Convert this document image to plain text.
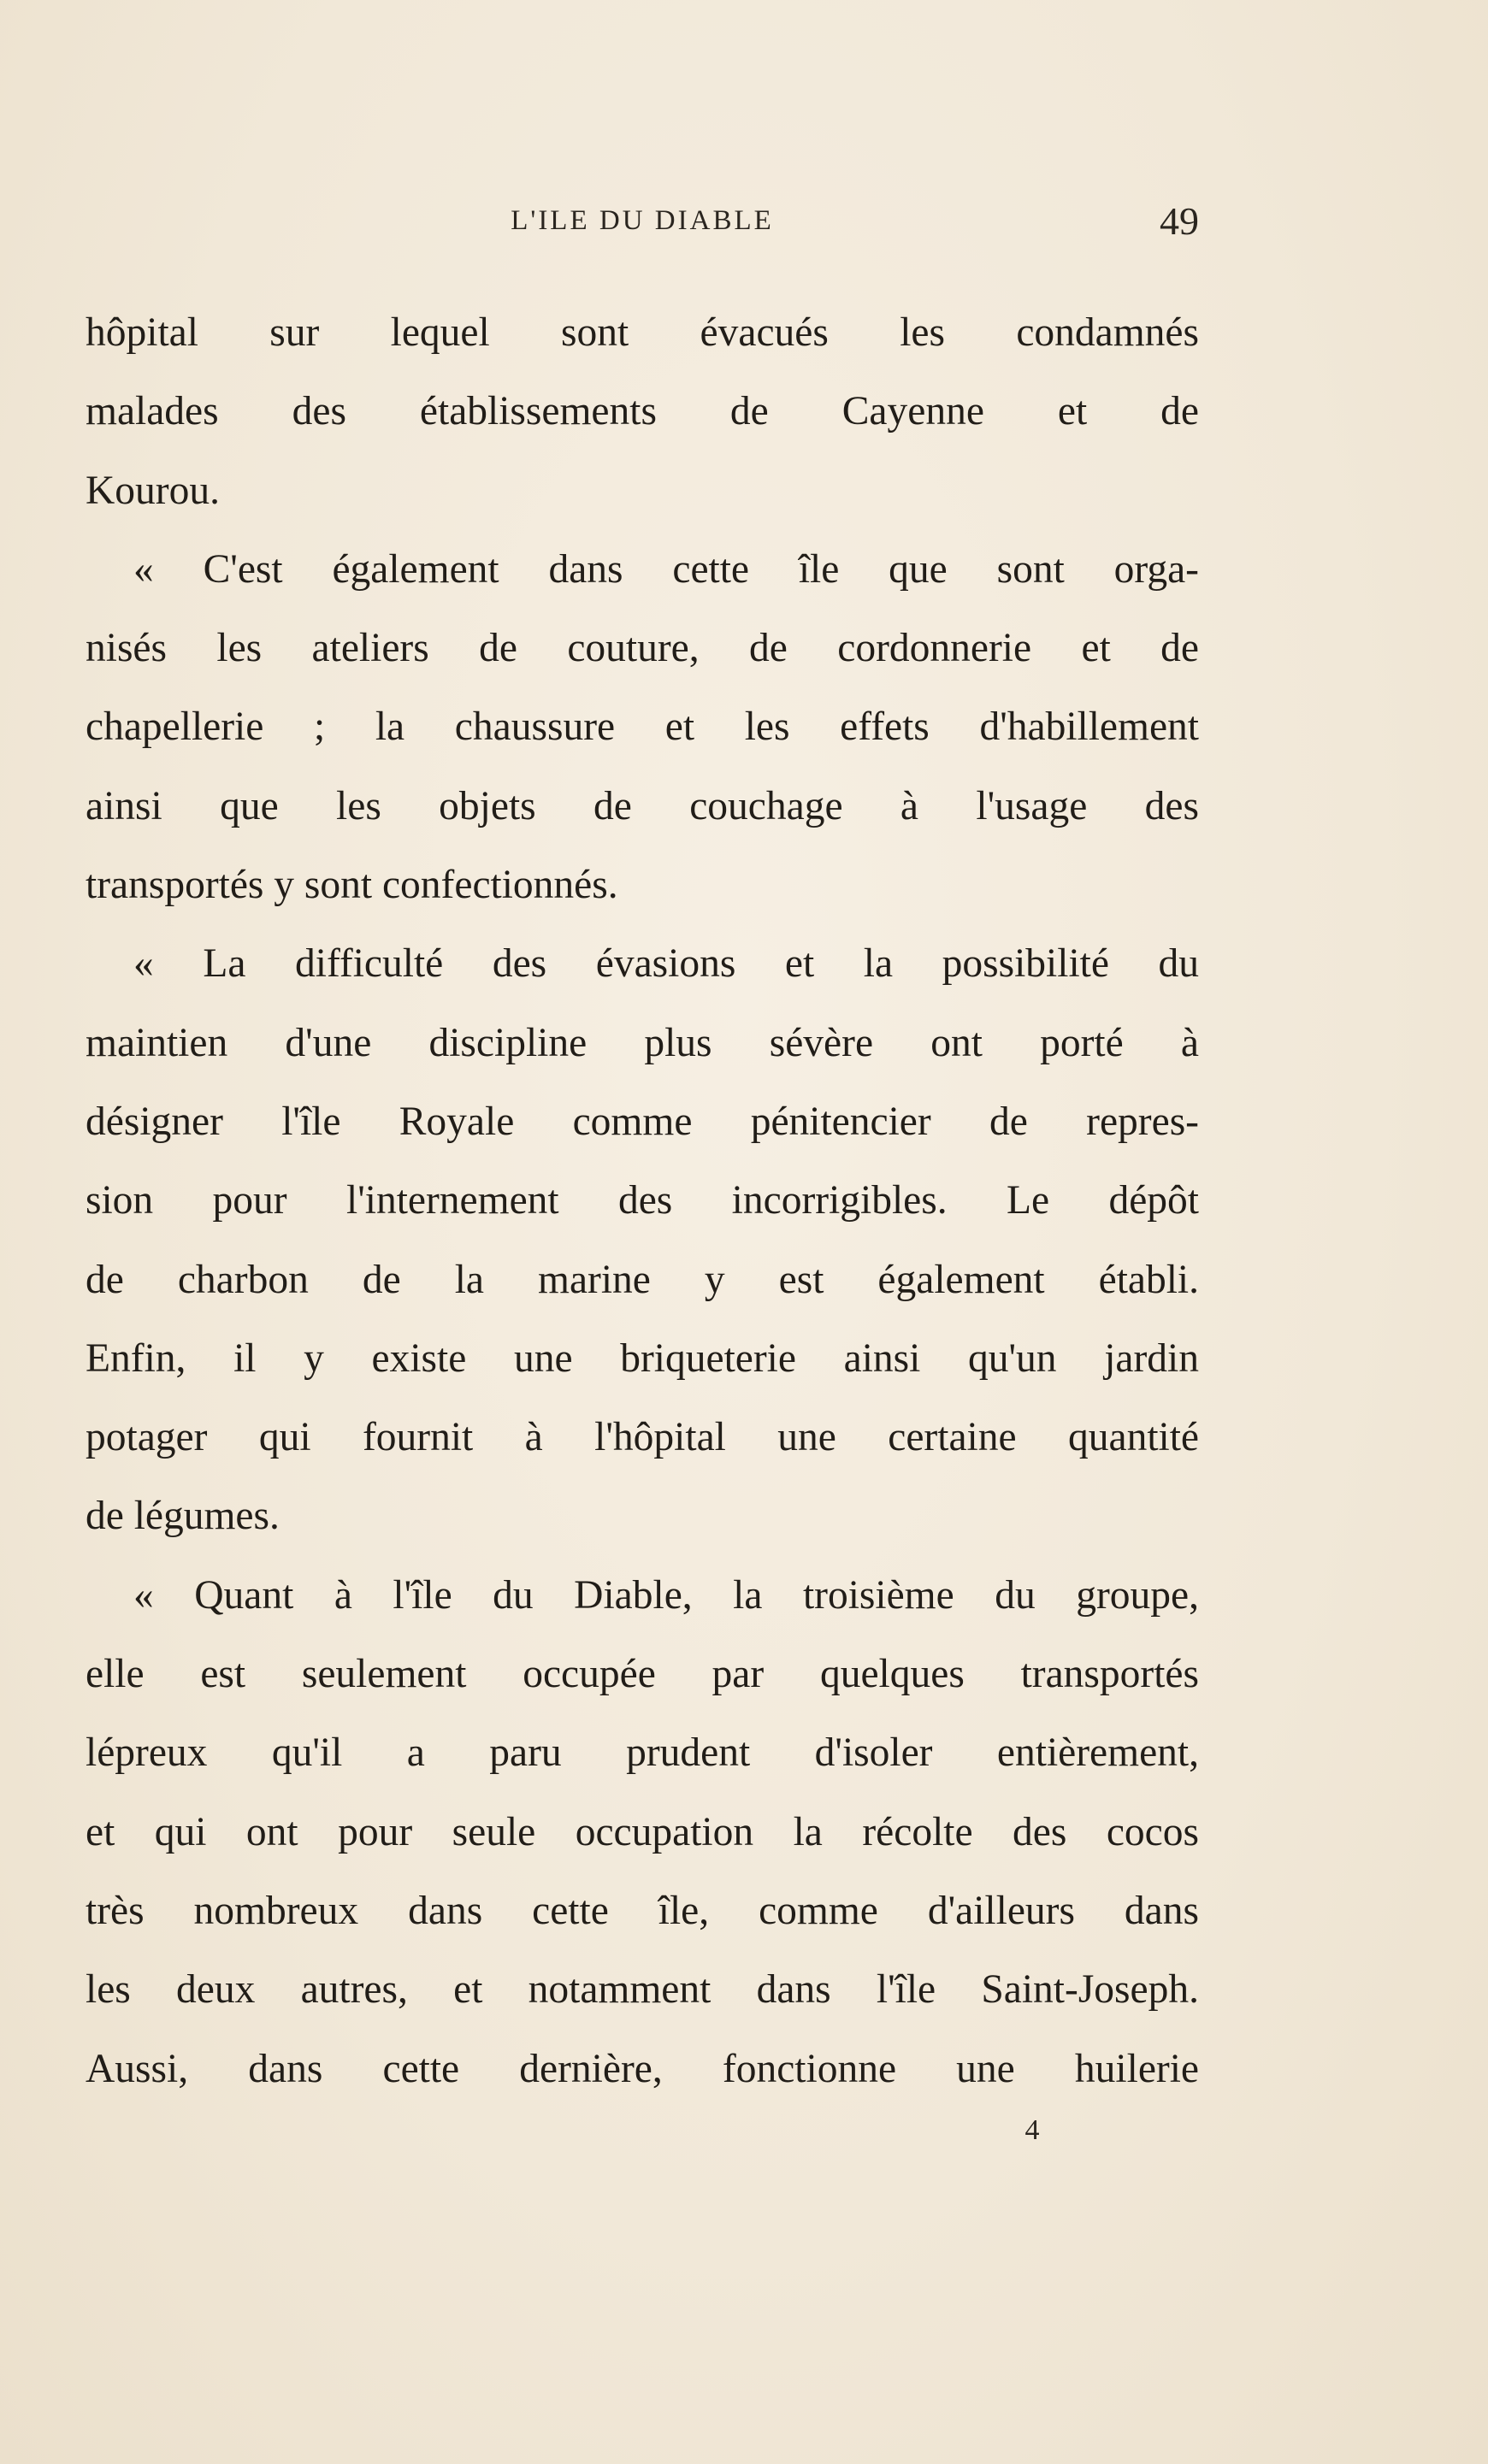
L'ILE DU DIABLE	49
hôpital sur lequel sont évacués les condamnés
malades des établissements de Cayenne et de
Kourou.
« C'est également dans cette île que sont orga-
nisés les ateliers de couture, de cordonnerie et de
chapellerie ; la chaussure et les effets d'habillement
ainsi que les objets de couchage à l'usage des
transportés y sont confectionnés.
« La difficulté des évasions et la possibilité du
maintien d'une discipline plus sévère ont porté à
désigner l'île Royale comme pénitencier de repres-
sion pour l'internement des incorrigibles. Le dépôt
de charbon de la marine y est également établi.
Enfin, il y existe une briqueterie ainsi qu'un jardin
potager qui fournit à l'hôpital une certaine quantité
de légumes.
« Quant à l'île du Diable, la troisième du groupe,
elle est seulement occupée par quelques transportés
lépreux qu'il a paru prudent d'isoler entièrement,
et qui ont pour seule occupation la récolte des cocos
très nombreux dans cette île, comme d'ailleurs dans
les deux autres, et notamment dans l'île Saint-Joseph.
Aussi, dans cette dernière, fonctionne une huilerie
4
